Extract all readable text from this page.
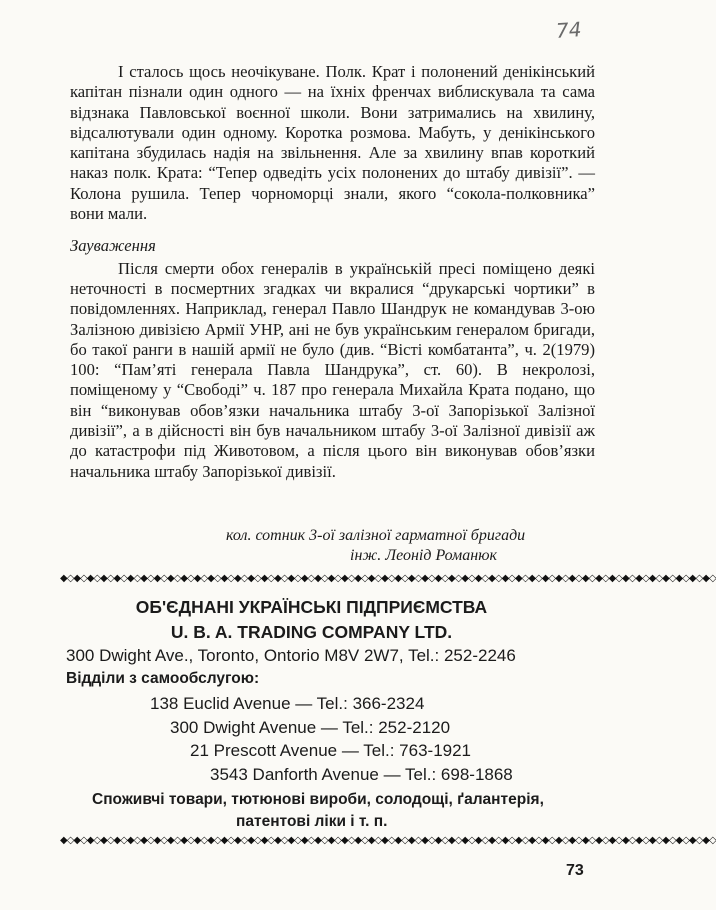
74

І сталось щось неочікуване. Полк. Крат і полонений денікінський капітан пізнали один одного — на їхніх френчах виблискувала та сама відзнака Павловської воєнної школи. Вони затримались на хвилину, відсалютували один одному. Коротка розмова. Мабуть, у денікінського капітана збудилась надія на звільнення. Але за хвилину впав короткий наказ полк. Крата: “Тепер одведіть усіх полонених до штабу дивізії”. — Колона рушила. Тепер чорноморці знали, якого “сокола-полковника” вони мали.

Зауваження

Після смерти обох генералів в українській пресі поміщено деякі неточності в посмертних згадках чи вкралися “друкарські чортики” в повідомленнях. Наприклад, генерал Павло Шандрук не командував 3-ою Залізною дивізією Армії УНР, ані не був українським генералом бригади, бо такої ранги в нашій армії не було (див. “Вісті комбатанта”, ч. 2(1979) 100: “Пам’яті генерала Павла Шандрука”, ст. 60). В некролозі, поміщеному у “Свободі” ч. 187 про генерала Михайла Крата подано, що він “виконував обов’язки начальника штабу 3-ої Запорізької Залізної дивізії”, а в дійсності він був начальником штабу 3-ої Залізної дивізії аж до катастрофи під Животовом, а після цього він виконував обов’язки начальника штабу Запорізької дивізії.

кол. сотник 3-ої залізної гарматної бригади
інж. Леонід Романюк
◆◇◆◇◆◇◆◇◆◇◆◇◆◇◆◇◆◇◆◇◆◇◆◇◆◇◆◇◆◇◆◇◆◇◆◇◆◇◆◇◆◇◆◇◆◇◆◇◆◇◆◇◆◇◆◇◆◇◆◇◆◇◆◇◆◇◆◇◆◇◆◇◆◇◆◇◆◇◆◇◆◇◆◇◆◇◆◇◆◇◆◇◆◇◆◇◆◇
ОБ'ЄДНАНІ УКРАЇНСЬКІ ПІДПРИЄМСТВА
U. B. A. TRADING COMPANY LTD.
300 Dwight Ave., Toronto, Ontorio M8V 2W7, Tel.: 252-2246
Відділи з самообслугою:
138 Euclid Avenue — Tel.: 366-2324
300 Dwight Avenue — Tel.: 252-2120
21 Prescott Avenue — Tel.: 763-1921
3543 Danforth Avenue — Tel.: 698-1868
Споживчі товари, тютюнові вироби, солодощі, ґалантерія,
патентові ліки і т. п.
◆◇◆◇◆◇◆◇◆◇◆◇◆◇◆◇◆◇◆◇◆◇◆◇◆◇◆◇◆◇◆◇◆◇◆◇◆◇◆◇◆◇◆◇◆◇◆◇◆◇◆◇◆◇◆◇◆◇◆◇◆◇◆◇◆◇◆◇◆◇◆◇◆◇◆◇◆◇◆◇◆◇◆◇◆◇◆◇◆◇◆◇◆◇◆◇◆◇
73
